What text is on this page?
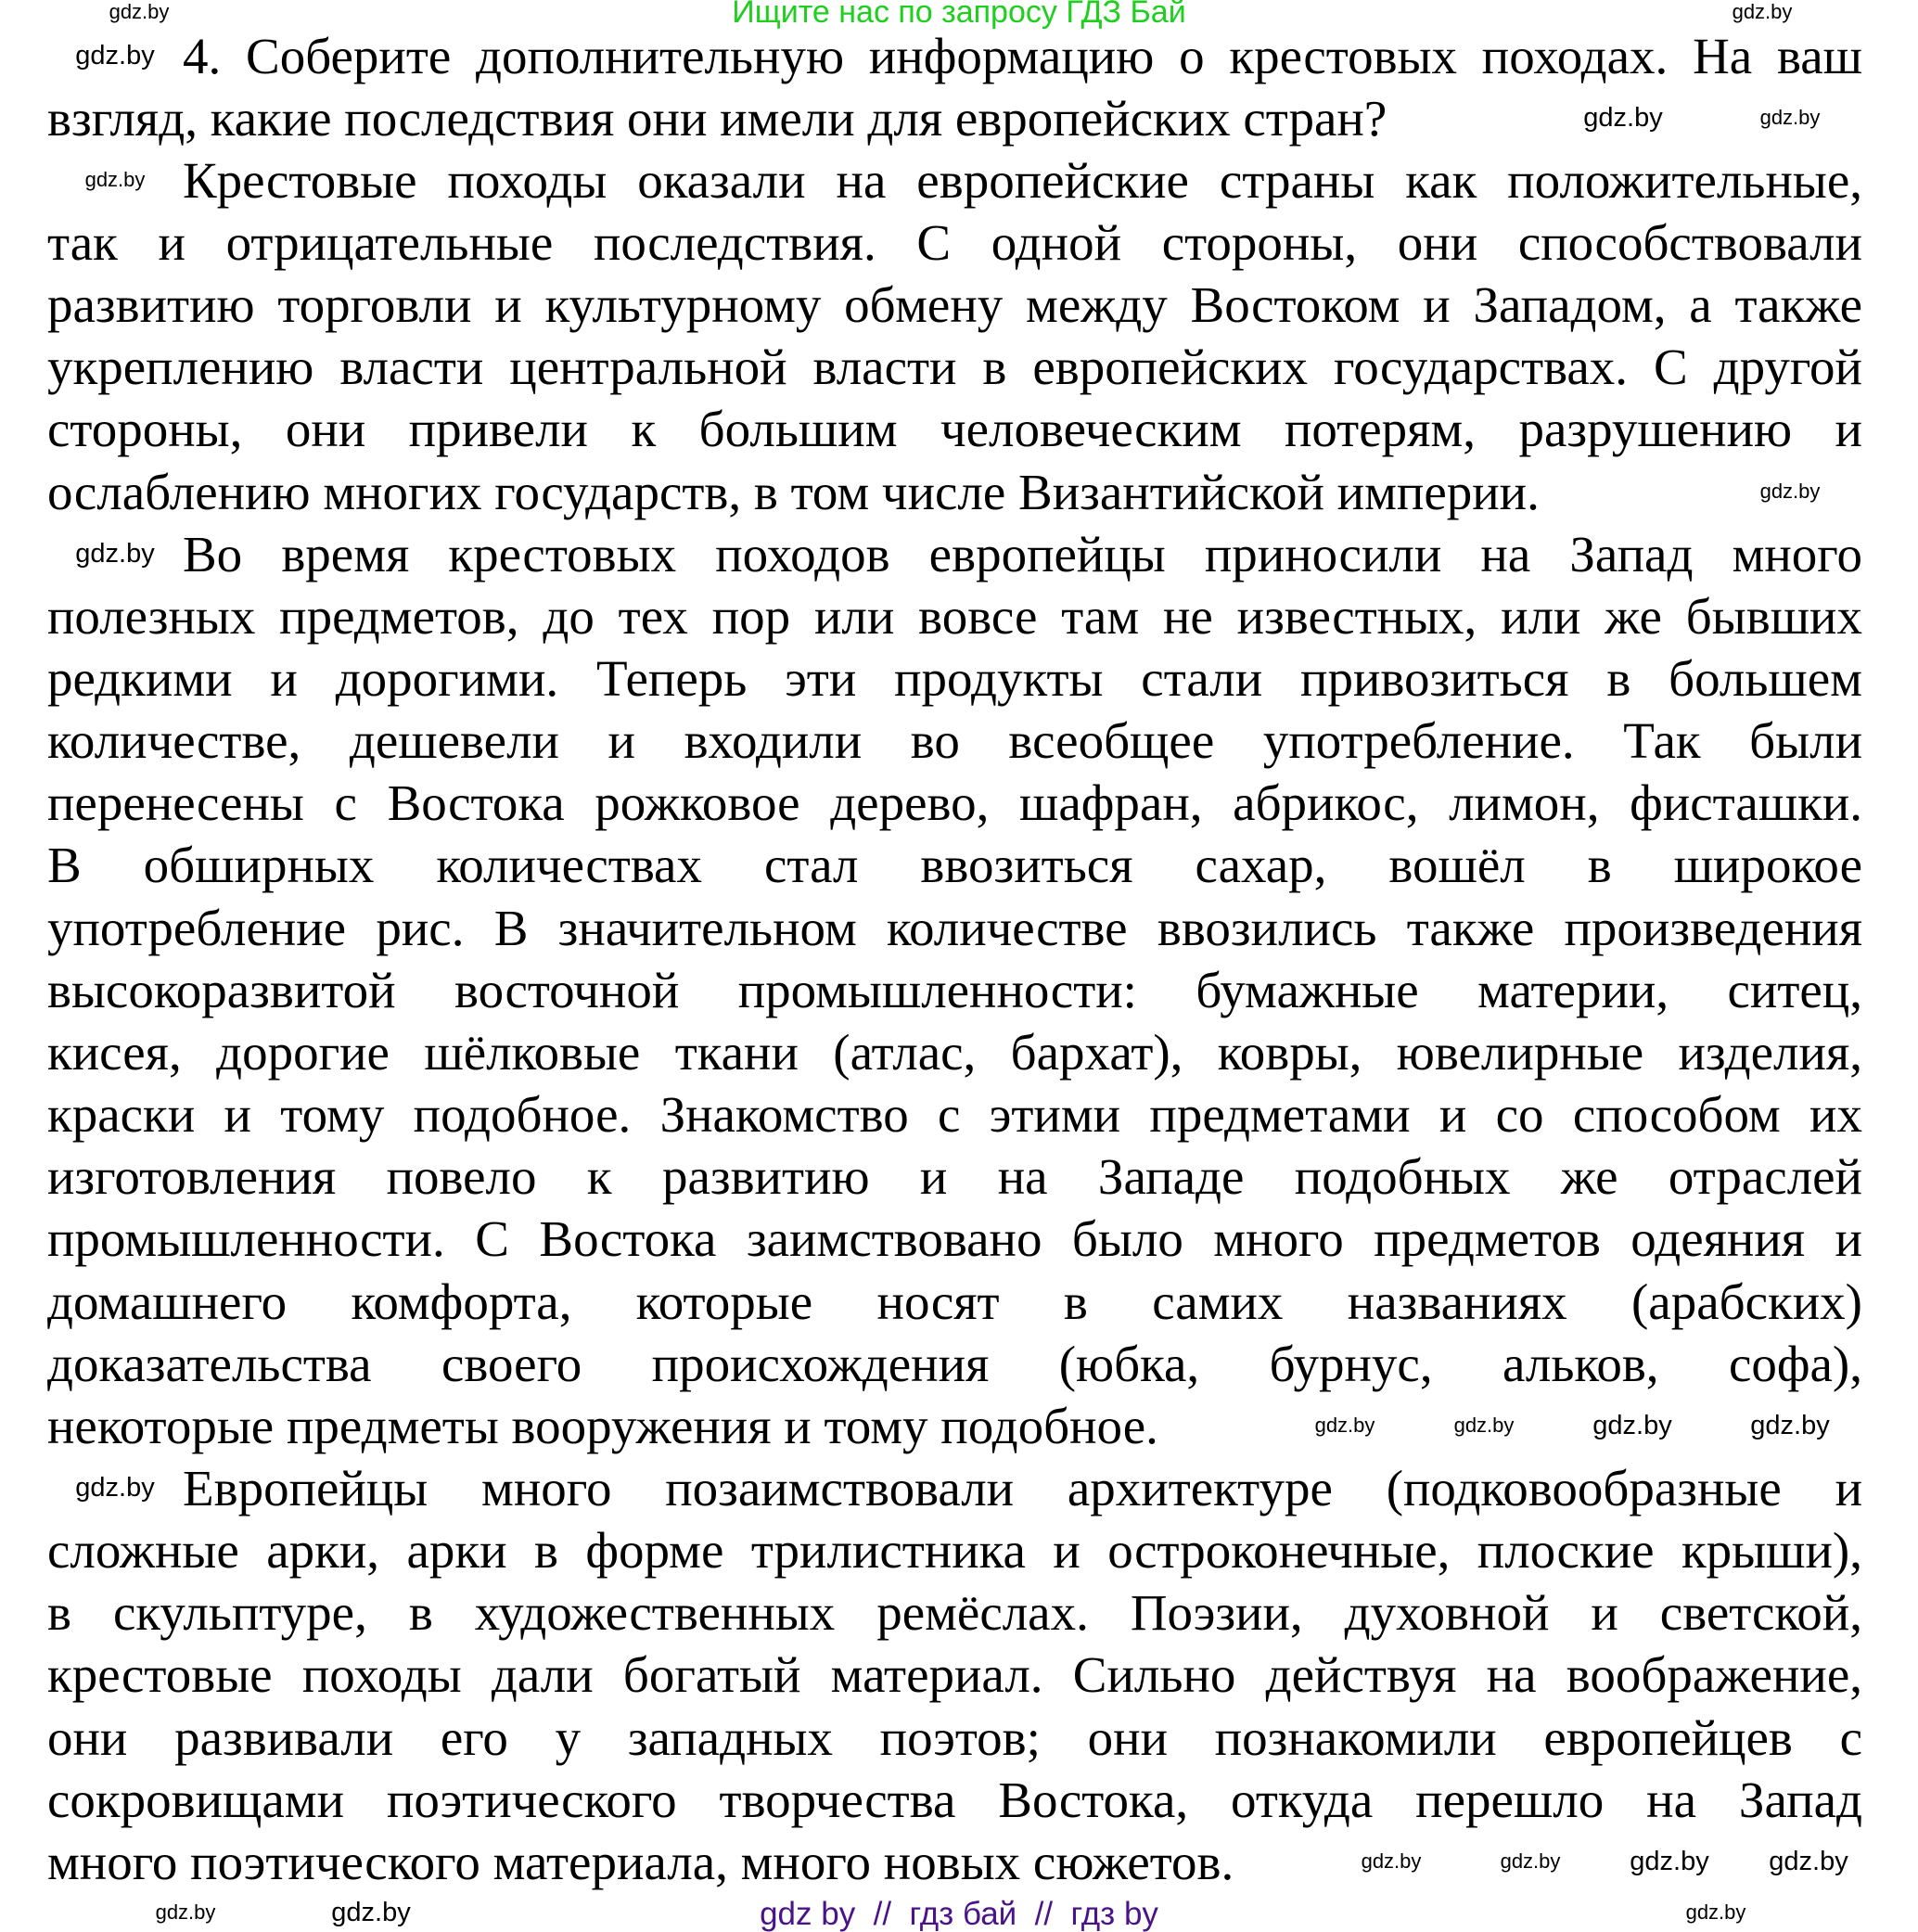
Ищите нас по запросу ГДЗ Бай
4. Соберите дополнительную информацию о крестовых походах. На ваш
взгляд, какие последствия они имели для европейских стран?
Крестовые походы оказали на европейские страны как положительные,
так и отрицательные последствия. С одной стороны, они способствовали
развитию торговли и культурному обмену между Востоком и Западом, а также
укреплению власти центральной власти в европейских государствах. С другой
стороны, они привели к большим человеческим потерям, разрушению и
ослаблению многих государств, в том числе Византийской империи.
Во время крестовых походов европейцы приносили на Запад много
полезных предметов, до тех пор или вовсе там не известных, или же бывших
редкими и дорогими. Теперь эти продукты стали привозиться в большем
количестве, дешевели и входили во всеобщее употребление. Так были
перенесены с Востока рожковое дерево, шафран, абрикос, лимон, фисташки.
В обширных количествах стал ввозиться сахар, вошёл в широкое
употребление рис. В значительном количестве ввозились также произведения
высокоразвитой восточной промышленности: бумажные материи, ситец,
кисея, дорогие шёлковые ткани (атлас, бархат), ковры, ювелирные изделия,
краски и тому подобное. Знакомство с этими предметами и со способом их
изготовления повело к развитию и на Западе подобных же отраслей
промышленности. С Востока заимствовано было много предметов одеяния и
домашнего комфорта, которые носят в самих названиях (арабских)
доказательства своего происхождения (юбка, бурнус, альков, софа),
некоторые предметы вооружения и тому подобное.
Европейцы много позаимствовали архитектуре (подковообразные и
сложные арки, арки в форме трилистника и остроконечные, плоские крыши),
в скульптуре, в художественных ремёслах. Поэзии, духовной и светской,
крестовые походы дали богатый материал. Сильно действуя на воображение,
они развивали его у западных поэтов; они познакомили европейцев с
сокровищами поэтического творчества Востока, откуда перешло на Запад
много поэтического материала, много новых сюжетов.
gdz.by	gdz.by
gdz.by
gdz.by	gdz.by
gdz.by
gdz.by
gdz.by
gdz.by	gdz.by	gdz.by	gdz.by
gdz.by
gdz.by	gdz.by	gdz.by gdz.by
gdz.by	gdz.by	gdz.by
gdz by  //  гдз бай  //  гдз by
